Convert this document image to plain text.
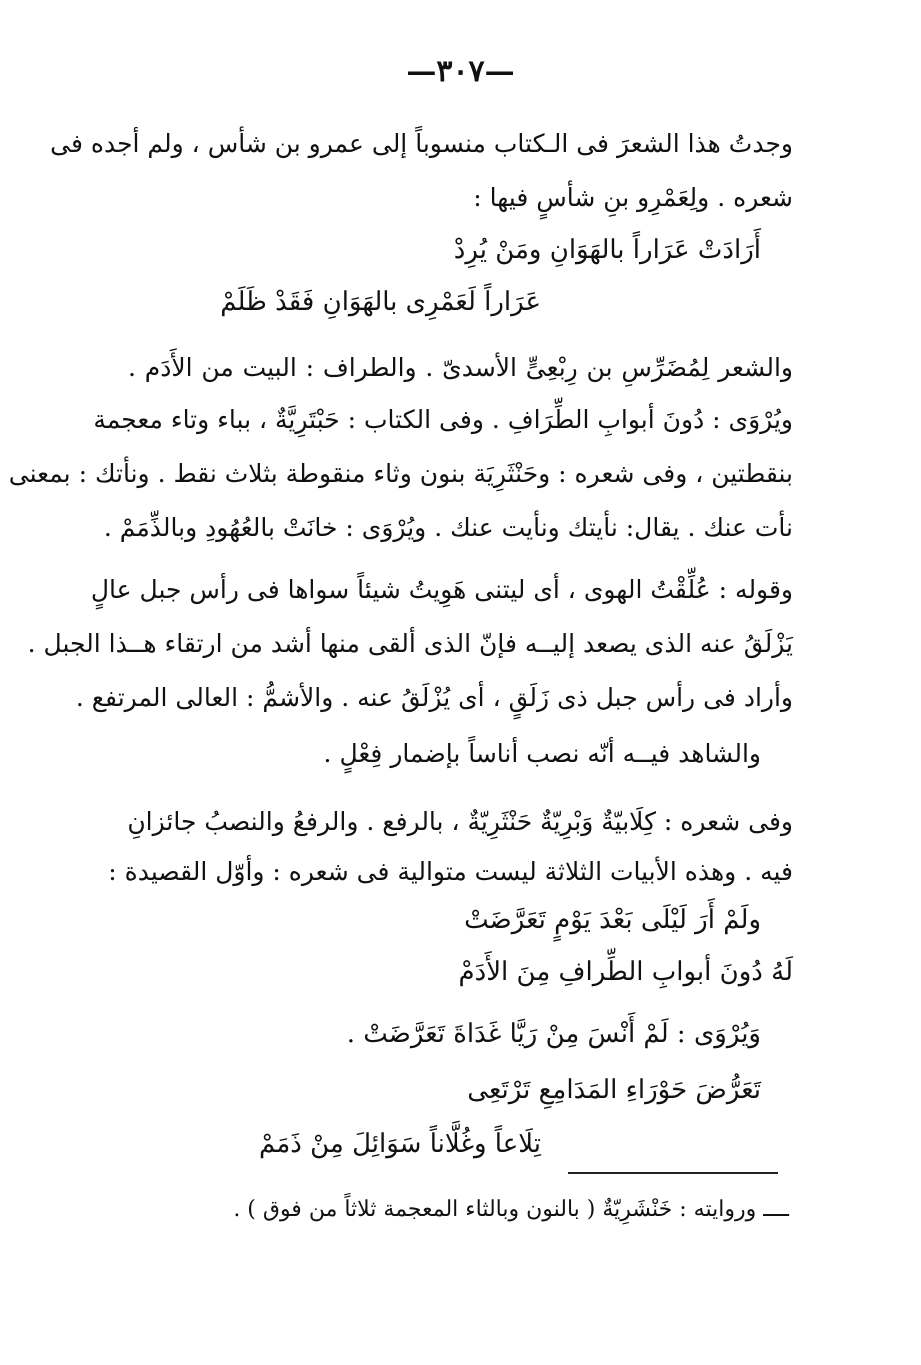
—٣٠٧—
وجدتُ هذا الشعرَ فى الـكتاب منسوباً إلى عمرو بن شأس ، ولم أجده فى
شعره . ولِعَمْرِو بنِ شأسٍ فيها :
أَرَادَتْ عَرَاراً بالهَوَانِ ومَنْ يُرِدْ
عَرَاراً لَعَمْرِى بالهَوَانِ فَقَدْ ظَلَمْ
والشعر لِمُضَرِّسِ بن رِبْعِىٍّ الأسدىّ . والطراف : البيت من الأَدَم .
ويُرْوَى : دُونَ أبوابِ الطِّرَافِ . وفى الكتاب : حَبْتَرِيَّةٌ ، بباء وتاء معجمة
بنقطتين ، وفى شعره : وحَنْثَرِيَة بنون وثاء منقوطة بثلاث نقط . ونأتك : بمعنى
نأت عنك . يقال: نأيتك ونأيت عنك . ويُرْوَى : خانَتْ بالعُهُودِ وبالذِّمَمْ .
وقوله : عُلِّقْتُ الهوى ، أى ليتنى هَوِيتُ شيئاً سواها فى رأس جبل عالٍ
يَزْلَقُ عنه الذى يصعد إليــه فإنّ الذى ألقى منها أشد من ارتقاء هــذا الجبل .
وأراد فى رأس جبل ذى زَلَقٍ ، أى يُزْلَقُ عنه . والأشمُّ : العالى المرتفع .
والشاهد فيــه أنّه نصب أناساً بإضمار فِعْلٍ .
وفى شعره : كِلَابيّةٌ وَبْرِيّةٌ حَنْثَرِيّةٌ ، بالرفع . والرفعُ والنصبُ جائزانِ
فيه . وهذه الأبيات الثلاثة ليست متوالية فى شعره : وأوّل القصيدة :
ولَمْ أَرَ لَيْلَى بَعْدَ يَوْمٍ تَعَرَّضَتْ
لَهُ دُونَ أبوابِ الطِّرافِ مِنَ الأَدَمْ
وَيُرْوَى : لَمْ أَنْسَ مِنْ رَيَّا غَدَاةَ تَعَرَّضَتْ .
تَعَرُّضَ حَوْرَاءِ المَدَامِعِ تَرْتَعِى
تِلَاعاً وغُلَّاناً سَوَائِلَ مِنْ ذَمَمْ
ــــ وروايته : خَنْشَرِيّةٌ ( بالنون وبالثاء المعجمة ثلاثاً من فوق ) .
